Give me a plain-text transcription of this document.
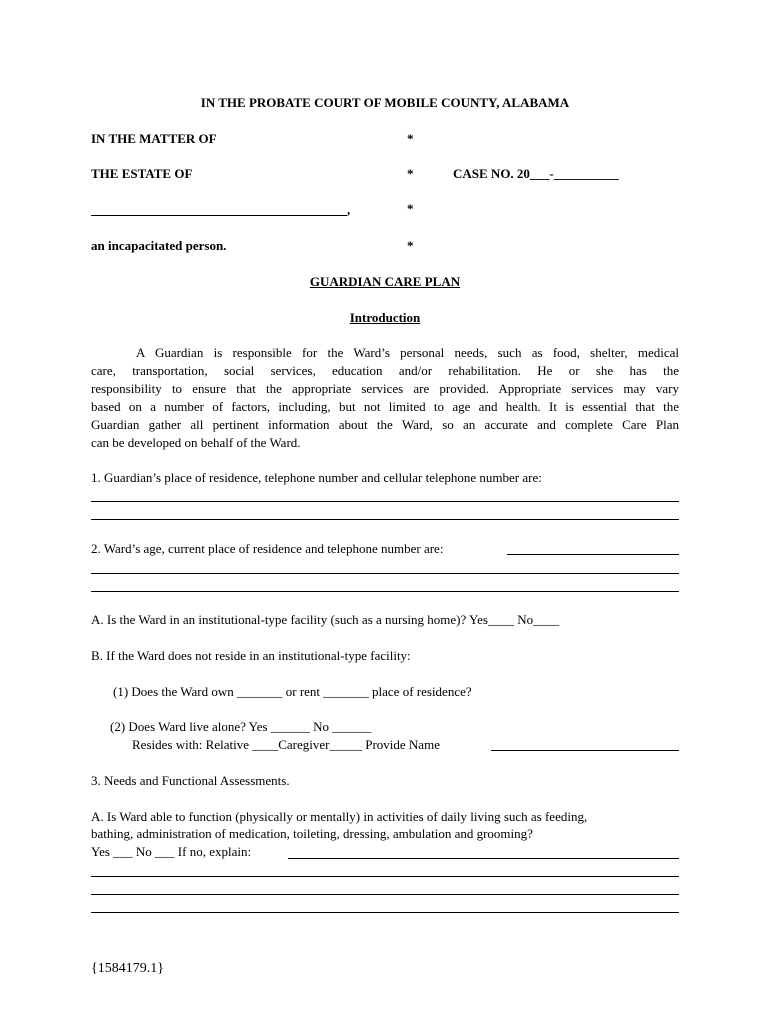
IN THE PROBATE COURT OF MOBILE COUNTY, ALABAMA
IN THE MATTER OF	*
THE ESTATE OF	*	CASE NO. 20___-__________
,	*
an incapacitated person.	*
GUARDIAN CARE PLAN
Introduction
A Guardian is responsible for the Ward’s personal needs, such as food, shelter, medical
care, transportation, social services, education and/or rehabilitation. He or she has the
responsibility to ensure that the appropriate services are provided. Appropriate services may vary
based on a number of factors, including, but not limited to age and health. It is essential that the
Guardian gather all pertinent information about the Ward, so an accurate and complete Care Plan
can be developed on behalf of the Ward.
1. Guardian’s place of residence, telephone number and cellular telephone number are:
2. Ward’s age, current place of residence and telephone number are:
A. Is the Ward in an institutional-type facility (such as a nursing home)? Yes____ No____
B. If the Ward does not reside in an institutional-type facility:
(1) Does the Ward own _______ or rent _______ place of residence?
(2) Does Ward live alone? Yes ______ No ______
Resides with: Relative ____Caregiver_____ Provide Name
3. Needs and Functional Assessments.
A. Is Ward able to function (physically or mentally) in activities of daily living such as feeding,
bathing, administration of medication, toileting, dressing, ambulation and grooming?
Yes ___ No ___ If no, explain:
{1584179.1}
